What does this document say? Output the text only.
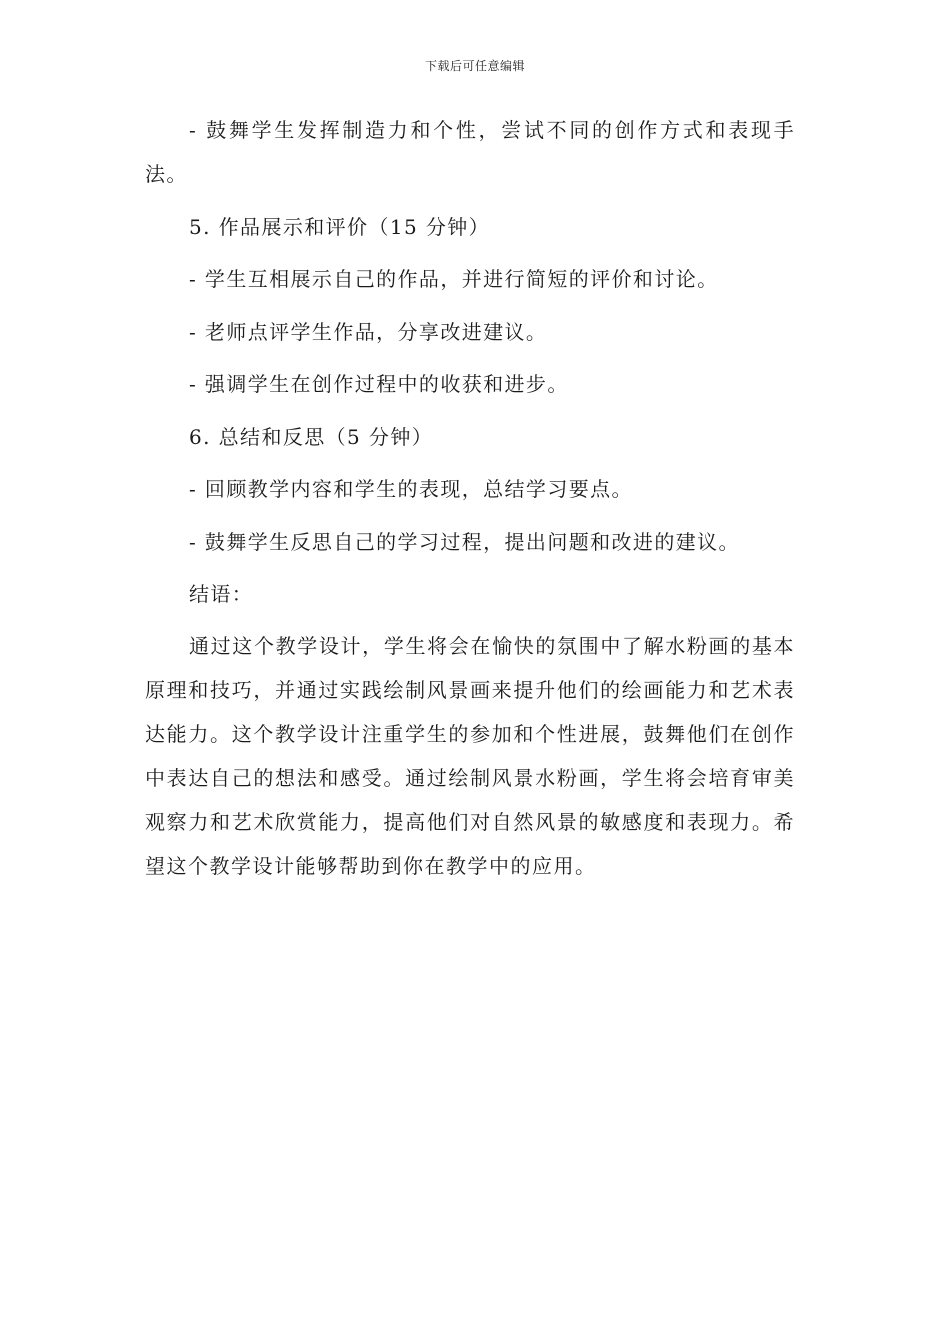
下载后可任意编辑

- 鼓舞学生发挥制造力和个性，尝试不同的创作方式和表现手法。

5. 作品展示和评价（15 分钟）

- 学生互相展示自己的作品，并进行简短的评价和讨论。

- 老师点评学生作品，分享改进建议。

- 强调学生在创作过程中的收获和进步。

6. 总结和反思（5 分钟）

- 回顾教学内容和学生的表现，总结学习要点。

- 鼓舞学生反思自己的学习过程，提出问题和改进的建议。

结语：

通过这个教学设计，学生将会在愉快的氛围中了解水粉画的基本原理和技巧，并通过实践绘制风景画来提升他们的绘画能力和艺术表达能力。这个教学设计注重学生的参加和个性进展，鼓舞他们在创作中表达自己的想法和感受。通过绘制风景水粉画，学生将会培育审美观察力和艺术欣赏能力，提高他们对自然风景的敏感度和表现力。希望这个教学设计能够帮助到你在教学中的应用。
